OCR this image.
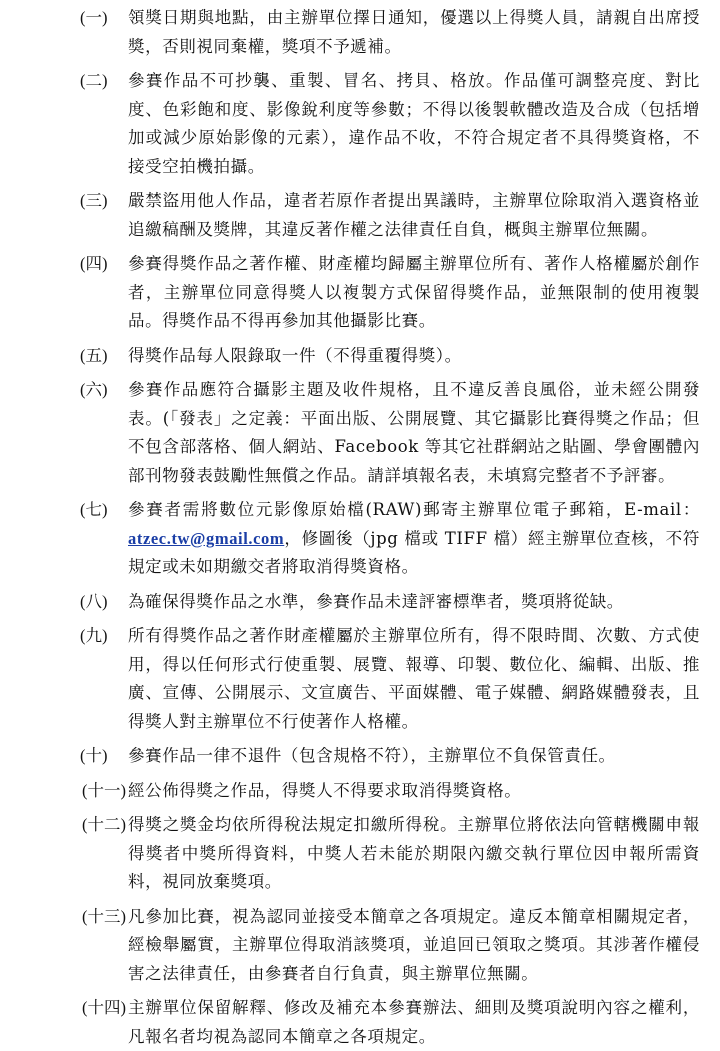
(一)	領獎日期與地點，由主辦單位擇日通知，優選以上得獎人員，請親自出席授獎，否則視同棄權，獎項不予遞補。
(二)	參賽作品不可抄襲、重製、冒名、拷貝、格放。作品僅可調整亮度、對比度、色彩飽和度、影像銳利度等參數；不得以後製軟體改造及合成（包括增加或減少原始影像的元素），違作品不收，不符合規定者不具得獎資格，不接受空拍機拍攝。
(三)	嚴禁盜用他人作品，違者若原作者提出異議時，主辦單位除取消入選資格並追繳稿酬及獎牌，其違反著作權之法律責任自負，概與主辦單位無關。
(四)	參賽得獎作品之著作權、財產權均歸屬主辦單位所有、著作人格權屬於創作者，主辦單位同意得獎人以複製方式保留得獎作品，並無限制的使用複製品。得獎作品不得再參加其他攝影比賽。
(五)	得獎作品每人限錄取一件（不得重覆得獎）。
(六)	參賽作品應符合攝影主題及收件規格，且不違反善良風俗，並未經公開發表。(「發表」之定義：平面出版、公開展覽、其它攝影比賽得獎之作品；但不包含部落格、個人網站、Facebook 等其它社群網站之貼圖、學會團體內部刊物發表鼓勵性無償之作品。請詳填報名表，未填寫完整者不予評審。
(七)	參賽者需將數位元影像原始檔(RAW)郵寄主辦單位電子郵箱，E-mail：atzec.tw@gmail.com，修圖後（jpg 檔或 TIFF 檔）經主辦單位查核，不符規定或未如期繳交者將取消得獎資格。
(八)	為確保得獎作品之水準，參賽作品未達評審標準者，獎項將從缺。
(九)	所有得獎作品之著作財產權屬於主辦單位所有，得不限時間、次數、方式使用，得以任何形式行使重製、展覽、報導、印製、數位化、編輯、出版、推廣、宣傳、公開展示、文宣廣告、平面媒體、電子媒體、網路媒體發表，且得獎人對主辦單位不行使著作人格權。
(十)	參賽作品一律不退件（包含規格不符），主辦單位不負保管責任。
(十一) 經公佈得獎之作品，得獎人不得要求取消得獎資格。
(十二) 得獎之獎金均依所得稅法規定扣繳所得稅。主辦單位將依法向管轄機關申報得獎者中獎所得資料，中獎人若未能於期限內繳交執行單位因申報所需資料，視同放棄獎項。
(十三) 凡參加比賽，視為認同並接受本簡章之各項規定。違反本簡章相關規定者，經檢舉屬實，主辦單位得取消該獎項，並追回已領取之獎項。其涉著作權侵害之法律責任，由參賽者自行負責，與主辦單位無關。
(十四) 主辦單位保留解釋、修改及補充本參賽辦法、細則及獎項說明內容之權利，凡報名者均視為認同本簡章之各項規定。
